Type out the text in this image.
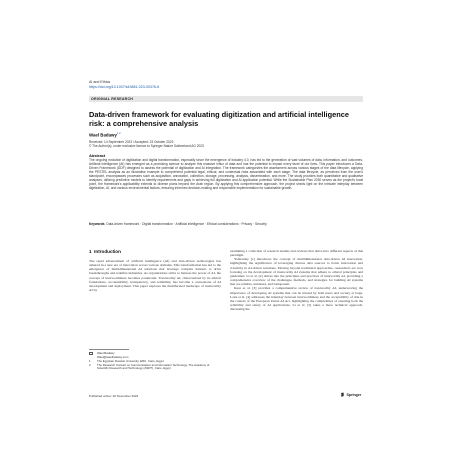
AI and Ethics
https://doi.org/10.1007/s43681-023-00376-6
ORIGINAL RESEARCH
Data-driven framework for evaluating digitization and artificial intelligence risk: a comprehensive analysis
Wael Badawy$^{1,2}$
Received: 14 September 2023 / Accepted: 23 October 2023
© The Author(s), under exclusive licence to Springer Nature Switzerland AG 2023
Abstract
The ongoing evolution of digitization and digital transformation, especially since the emergence of Industry 4.0, has led to the generation of vast volumes of data, information, and outcomes. Artificial Intelligence (AI) has emerged as a promising avenue to analyze this massive influx of data and has the potential to impact every facet of our lives. This paper introduces a Data-Driven Framework (DDF) designed to assess the potential of digitization and AI integration. The framework categorizes the assessment across various stages of the data lifecycle, applying the PESTEL analysis as an illustrative example to comprehend potential legal, ethical, and contextual risks associated with each stage. The data lifecycle, as perceived from the user's standpoint, encompasses processes such as acquisition, annotation, collection, storage, processing, analysis, dissemination, and more. The study provides both quantitative and qualitative analyses, utilizing predictive models to identify requirements and gaps in achieving full digitization and AI application potential. While the Sustainable Plan 2030 serves as the project's focal point, the framework's applicability extends to diverse plans beyond the Arab region. By applying this comprehensive approach, the project sheds light on the intricate interplay between digitization, AI, and various environmental factors, ensuring informed decision-making and responsible implementation for sustainable growth.
Keywords Data-driven framework · Digital transformation · Artificial intelligence · Ethical considerations · Privacy · Security
1 Introduction

The rapid advancement of artificial intelligence (AI) and data-driven technologies has ushered in a new era of innovation across various domains. This transformation has led to the emergence of multidimensional AI solutions that leverage complex datasets to drive breakthroughs and redefine industries. As organizations strive to harness the power of AI, the concept of trustworthiness becomes paramount. Trustworthy AI, characterized by its ethical foundations, accountability, transparency, and reliability, has become a cornerstone of AI development and deployment. This paper explores the multifaceted landscape of trustworthy AI by

examining a collection of research studies and reviews that delve into different aspects of this paradigm.

Yablonsky [1] introduces the concept of multidimensional data-driven AI innovation, highlighting the significance of leveraging diverse data sources to foster innovation and creativity in AI-driven solutions. Moving beyond traditional approaches, researchers are now focusing on the development of trustworthy AI systems that adhere to ethical principles and guidelines. Li et al. [2] delves into the principles and practices of trustworthy AI, providing a comprehensive overview of the challenges, methods, and strategies for building AI systems that are reliable, unbiased, and transparent.

Kaur et al. [3] provides a comprehensive review of trustworthy AI, underscoring the importance of developing AI systems that can be trusted by both users and society at large. Laux et al. [4] addresses the interplay between trustworthiness and the acceptability of risk in the context of the European Union AI Act, highlighting the complexities of ensuring both the reliability and safety of AI applications. Li et al. [5] takes a more technical approach, discussing the

Wael Badawy
Wael@waelbadawy.com
1	The Egyptian Russian University, ERU, Cairo, Egypt
2	The Research Contact on Communication and Information Technology, The Academy of Scientific Research and Technology (ASRT), Cairo, Egypt
Published online: 20 November 2023	Springer
